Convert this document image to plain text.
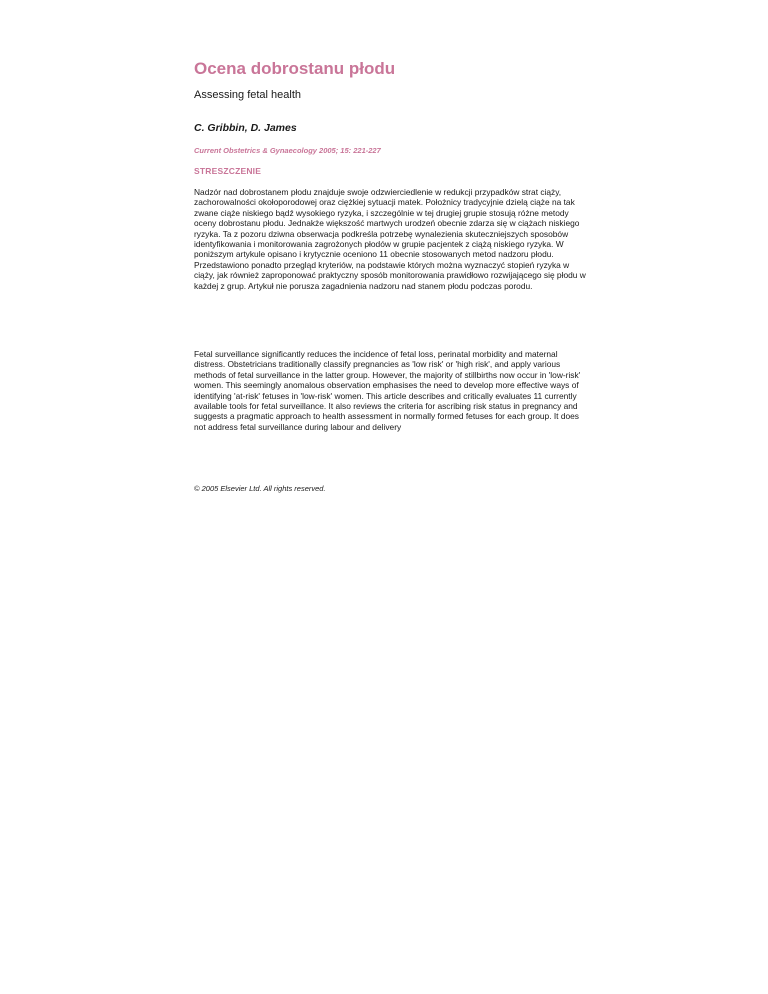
Ocena dobrostanu płodu

Assessing fetal health

C. Gribbin, D. James

Current Obstetrics & Gynaecology 2005; 15: 221-227

STRESZCZENIE

Nadzór nad dobrostanem płodu znajduje swoje odzwierciedlenie w redukcji przypadków strat ciąży, zachorowalności okołoporodowej oraz ciężkiej sytuacji matek. Położnicy tradycyjnie dzielą ciąże na tak zwane ciąże niskiego bądź wysokiego ryzyka, i szczególnie w tej drugiej grupie stosują różne metody oceny dobrostanu płodu. Jednakże większość martwych urodzeń obecnie zdarza się w ciążach niskiego ryzyka. Ta z pozoru dziwna obserwacja podkreśla potrzebę wynalezienia skuteczniejszych sposobów identyfikowania i monitorowania zagrożonych płodów w grupie pacjentek z ciążą niskiego ryzyka. W poniższym artykule opisano i krytycznie oceniono 11 obecnie stosowanych metod nadzoru płodu. Przedstawiono ponadto przegląd kryteriów, na podstawie których można wyznaczyć stopień ryzyka w ciąży, jak również zaproponować praktyczny sposób monitorowania prawidłowo rozwijającego się płodu w każdej z grup. Artykuł nie porusza zagadnienia nadzoru nad stanem płodu podczas porodu.

Fetal surveillance significantly reduces the incidence of fetal loss, perinatal morbidity and maternal distress. Obstetricians traditionally classify pregnancies as 'low risk' or 'high risk', and apply various methods of fetal surveillance in the latter group. However, the majority of stillbirths now occur in 'low-risk' women. This seemingly anomalous observation emphasises the need to develop more effective ways of identifying 'at-risk' fetuses in 'low-risk' women. This article describes and critically evaluates 11 currently available tools for fetal surveillance. It also reviews the criteria for ascribing risk status in pregnancy and suggests a pragmatic approach to health assessment in normally formed fetuses for each group. It does not address fetal surveillance during labour and delivery

© 2005 Elsevier Ltd. All rights reserved.
